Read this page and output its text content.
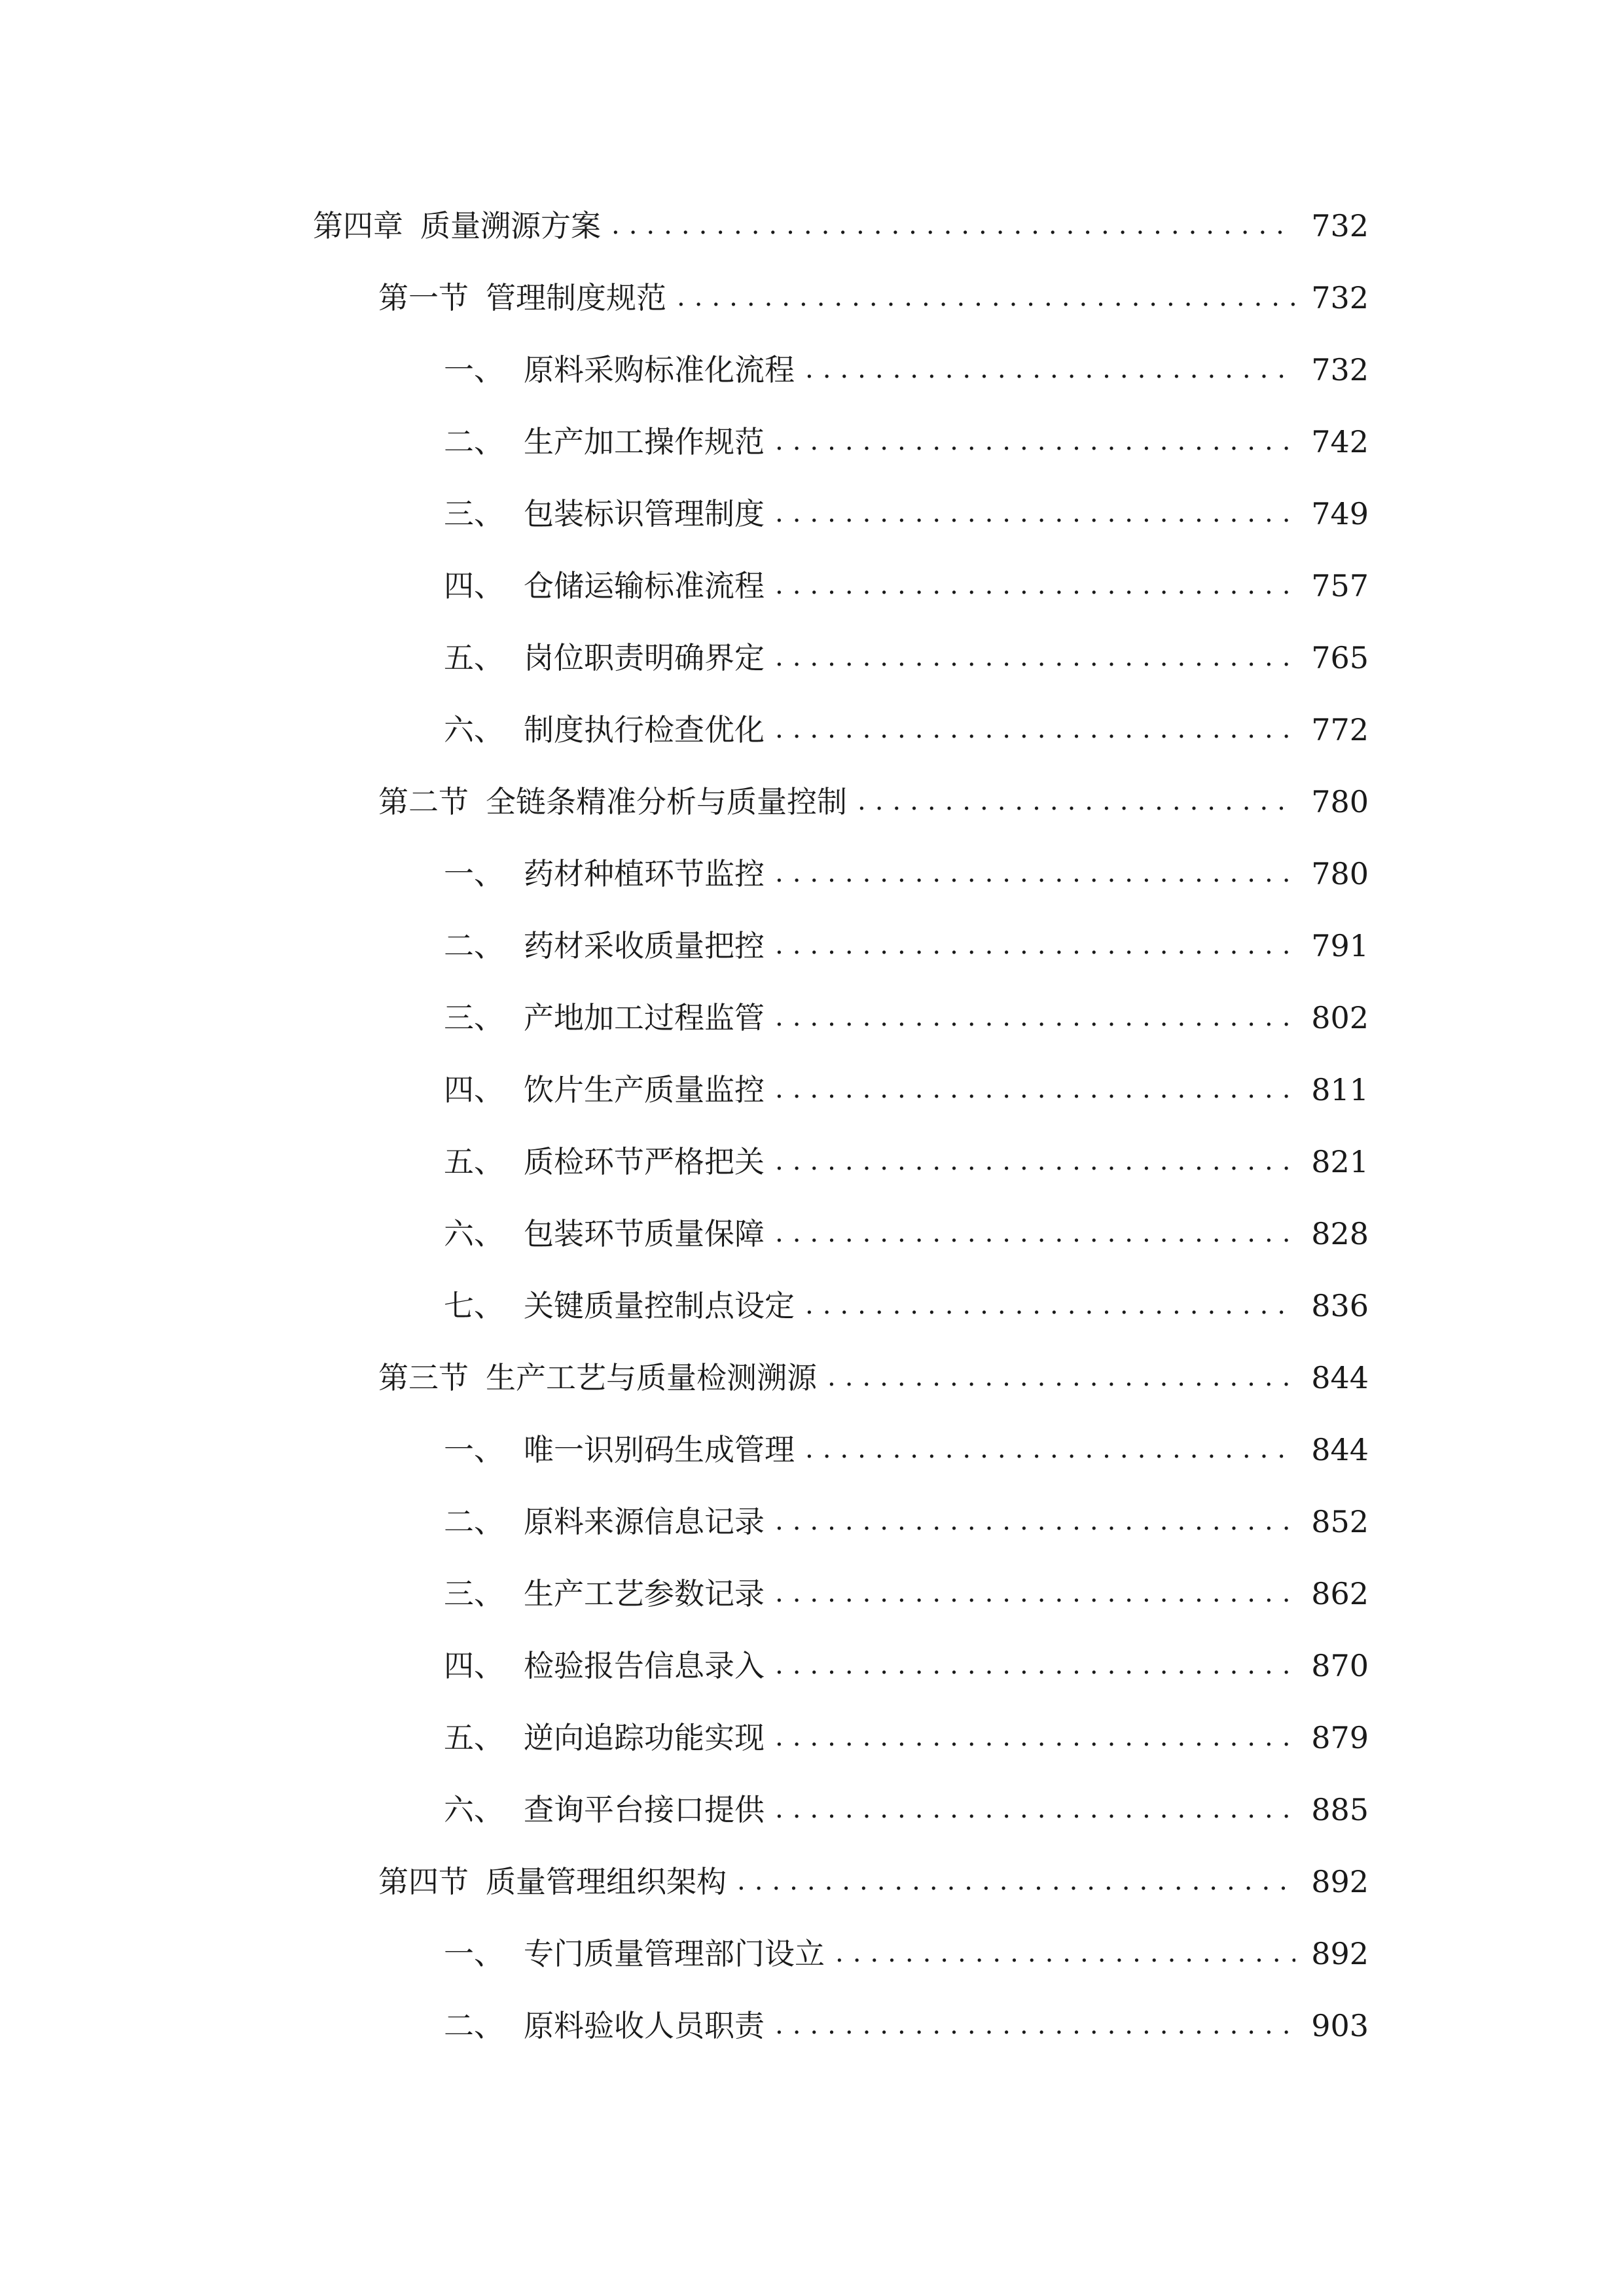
第四章 质量溯源方案 .....	732
第一节 管理制度规范 .....	732
一、 原料采购标准化流程 .....	732
二、 生产加工操作规范 .....	742
三、 包装标识管理制度 .....	749
四、 仓储运输标准流程 .....	757
五、 岗位职责明确界定 .....	765
六、 制度执行检查优化 .....	772
第二节 全链条精准分析与质量控制 .....	780
一、 药材种植环节监控 .....	780
二、 药材采收质量把控 .....	791
三、 产地加工过程监管 .....	802
四、 饮片生产质量监控 .....	811
五、 质检环节严格把关 .....	821
六、 包装环节质量保障 .....	828
七、 关键质量控制点设定 .....	836
第三节 生产工艺与质量检测溯源 .....	844
一、 唯一识别码生成管理 .....	844
二、 原料来源信息记录 .....	852
三、 生产工艺参数记录 .....	862
四、 检验报告信息录入 .....	870
五、 逆向追踪功能实现 .....	879
六、 查询平台接口提供 .....	885
第四节 质量管理组织架构 .....	892
一、 专门质量管理部门设立 .....	892
二、 原料验收人员职责 .....	903
